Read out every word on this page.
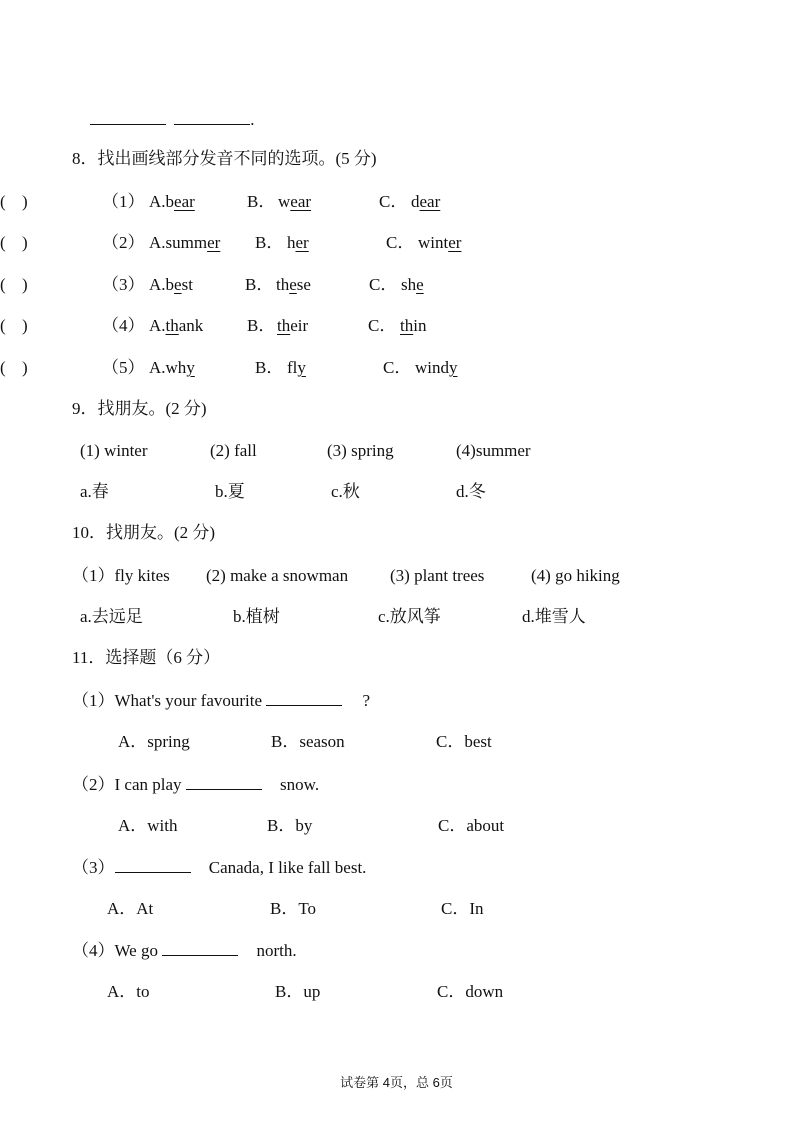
.
8．找出画线部分发音不同的选项。(5 分)
( )	（1） A.bear	B． wear	C． dear
( )	（2） A.summer B． her	C． winter
( )	（3） A.best	B． these	C． she
( )	（4） A.thank	B． their	C． thin
( )	（5） A.why	B． fly	C． windy
9．找朋友。(2 分)
(1) winter	(2) fall	(3) spring	(4)summer
a.春	b.夏	c.秋	d.冬
10．找朋友。(2 分)
（1）fly kites (2) make a snowman (3) plant trees	(4) go hiking
a.去远足	b.植树	c.放风筝	d.堆雪人
11．选择题（6 分）
（1）What's your favourite	?
A．spring	B．season	C．best
（2）I can play	snow.
A．with	B．by	C．about
（3）	Canada, I like fall best.
A．At	B．To	C．In
（4）We go	north.
A．to	B．up	C．down
试卷第 4页，总 6页
